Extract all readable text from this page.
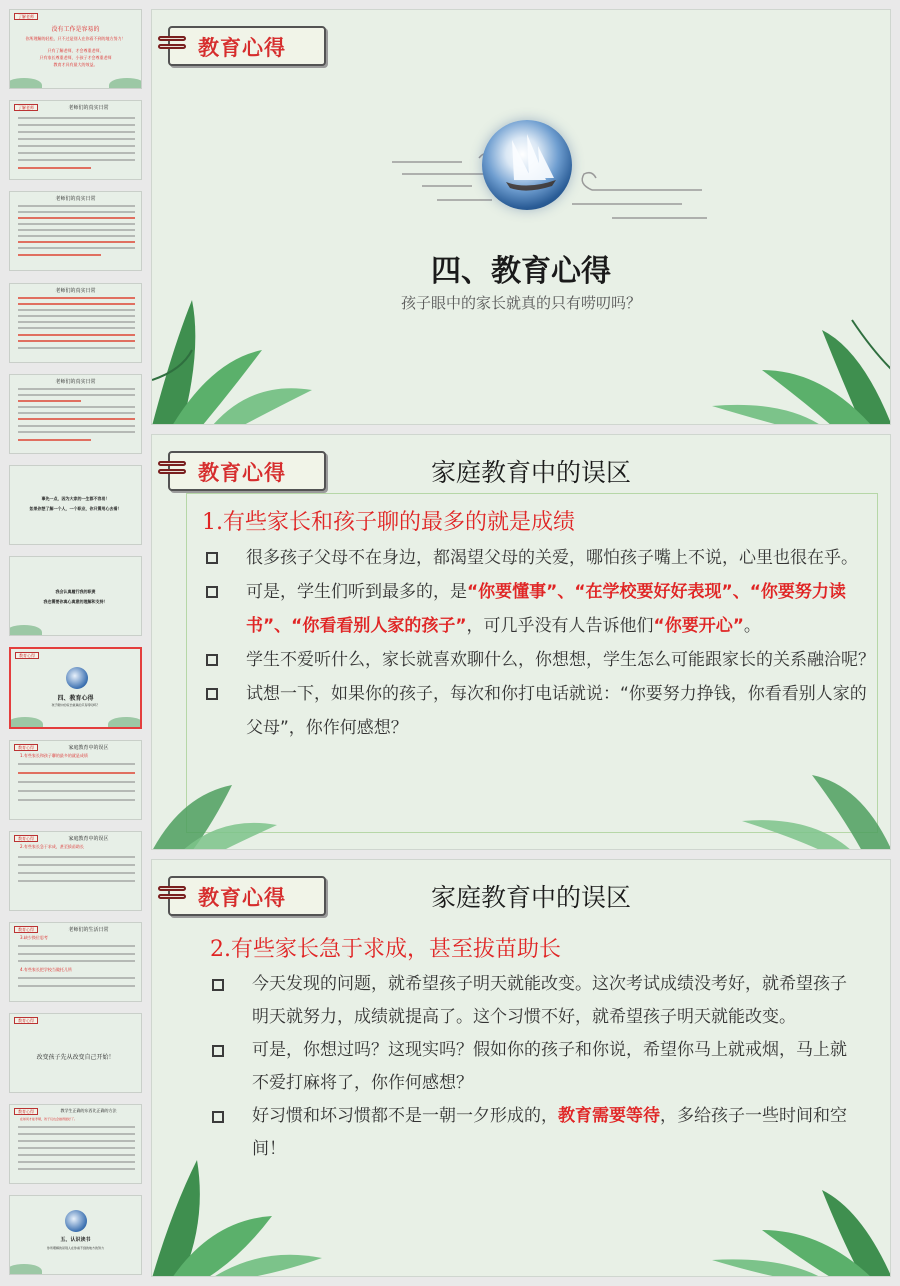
了解老师
没有工作是容易的
你所理解的轻松，只不过是别人在你看不到的地方努力！
只有了解老师，才会尊重老师，
只有家长尊重老师，小孩子才会尊重老师
教育才具有最大的效益。
了解老师	老师们的真实日常
老师们的真实日常
老师们的真实日常
老师们的真实日常
事先一点，因为大家的一生都不容易！
如果你想了解一个人，一个职业，你只需用心去看！
我会认真履行我的职责
我也需要你真心真意的理解和支持！
教育心得
四、教育心得
孩子眼中的家长就真的只有唠叨吗？
教育心得	家庭教育中的误区
1.有些家长和孩子聊的最多的就是成绩
教育心得	家庭教育中的误区
2.有些家长急于求成，甚至拔苗助长
教育心得	老师们的生活日常
3.缺少换位思考
4.有些家长把学校当做托儿所
教育心得
改变孩子先从改变自己开始！
教育心得	教学生正确的东西比正确的方法
在如何才能孝顺，孩子们也会做得最好了。
五、认识读书
你所理解的是别人在你看不到的地方的努力
教育心得
四、教育心得
孩子眼中的家长就真的只有唠叨吗？
教育心得	家庭教育中的误区
1.有些家长和孩子聊的最多的就是成绩
很多孩子父母不在身边，都渴望父母的关爱，哪怕孩子嘴上不说，心里也很在乎。
可是，学生们听到最多的，是“你要懂事”、“在学校要好好表现”、“你要努力读书”、“你看看别人家的孩子”，可几乎没有人告诉他们“你要开心”。
学生不爱听什么，家长就喜欢聊什么，你想想，学生怎么可能跟家长的关系融洽呢？
试想一下，如果你的孩子，每次和你打电话就说：“你要努力挣钱，你看看别人家的父母”，你作何感想？
教育心得	家庭教育中的误区
2.有些家长急于求成，甚至拔苗助长
今天发现的问题，就希望孩子明天就能改变。这次考试成绩没考好，就希望孩子明天就努力，成绩就提高了。这个习惯不好，就希望孩子明天就能改变。
可是，你想过吗？这现实吗？假如你的孩子和你说，希望你马上就戒烟，马上就不爱打麻将了，你作何感想？
好习惯和坏习惯都不是一朝一夕形成的，教育需要等待，多给孩子一些时间和空间！
